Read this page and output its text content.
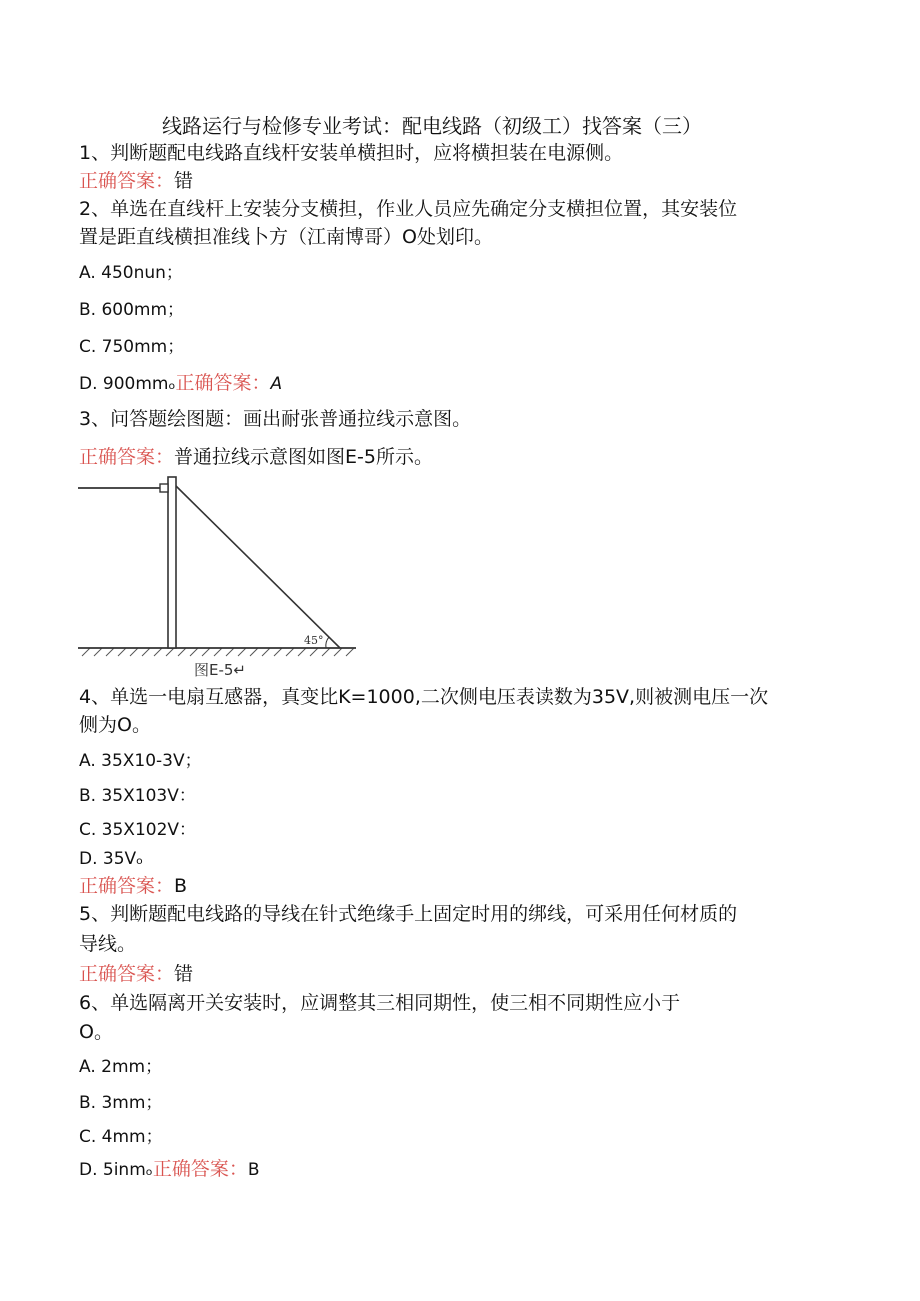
线路运行与检修专业考试：配电线路（初级工）找答案（三）
1、判断题配电线路直线杆安装单横担时，应将横担装在电源侧。
正确答案：错
2、单选在直线杆上安装分支横担，作业人员应先确定分支横担位置，其安装位
置是距直线横担准线卜方（江南博哥）O处划印。
A. 450nun；
B. 600mm；
C. 750mm；
D. 900mmₒ正确答案：A
3、问答题绘图题：画出耐张普通拉线示意图。
正确答案：普通拉线示意图如图E-5所示。
45°
图E-5↵
4、单选一电扇互感器，真变比K=1000,二次侧电压表读数为35V,则被测电压一次
侧为O。
A. 35X10-3V；
B. 35X103V：
C. 35X102V：
D. 35Vₒ
正确答案：B
5、判断题配电线路的导线在针式绝缘手上固定时用的绑线，可采用任何材质的
导线。
正确答案：错
6、单选隔离开关安装时，应调整其三相同期性，使三相不同期性应小于
O。
A. 2mm；
B. 3mm；
C. 4mm；
D. 5inmₒ正确答案：B
